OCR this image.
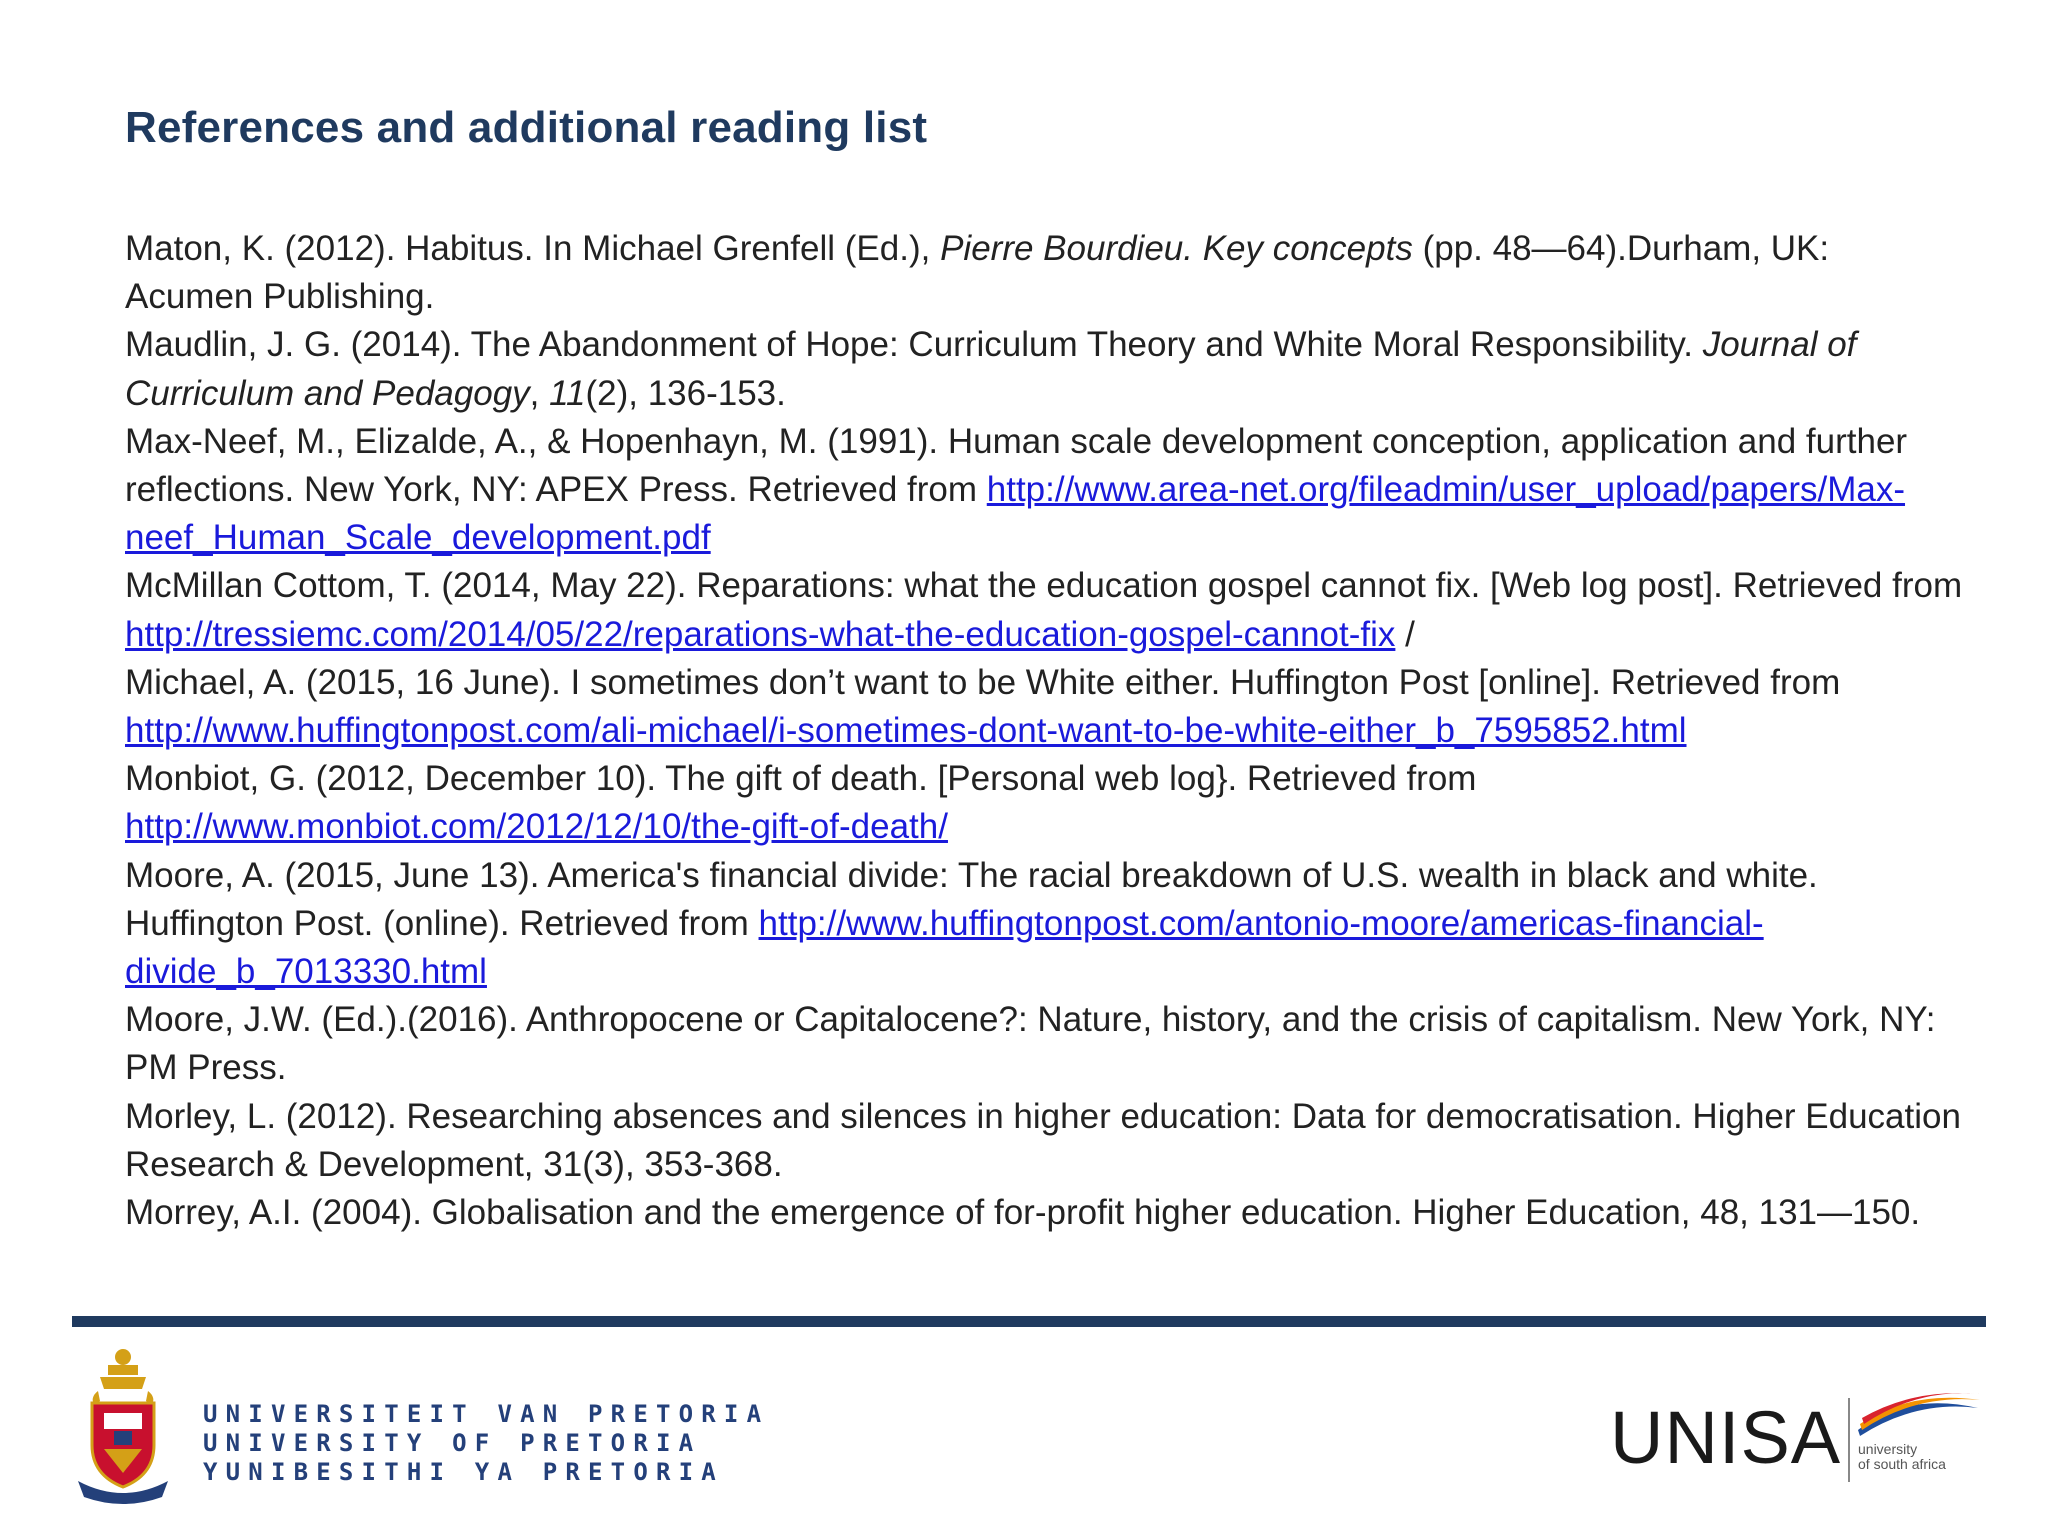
References and additional reading list

Maton, K. (2012). Habitus. In Michael Grenfell (Ed.), Pierre Bourdieu. Key concepts (pp. 48—64).Durham, UK: Acumen Publishing.

Maudlin, J. G. (2014). The Abandonment of Hope: Curriculum Theory and White Moral Responsibility. Journal of Curriculum and Pedagogy, 11(2), 136-153.

Max-Neef, M., Elizalde, A., & Hopenhayn, M. (1991). Human scale development conception, application and further reflections. New York, NY: APEX Press. Retrieved from http://www.area-net.org/fileadmin/user_upload/papers/Max-neef_Human_Scale_development.pdf

McMillan Cottom, T. (2014, May 22). Reparations: what the education gospel cannot fix. [Web log post]. Retrieved from http://tressiemc.com/2014/05/22/reparations-what-the-education-gospel-cannot-fix /

Michael, A. (2015, 16 June). I sometimes don’t want to be White either. Huffington Post [online]. Retrieved from http://www.huffingtonpost.com/ali-michael/i-sometimes-dont-want-to-be-white-either_b_7595852.html

Monbiot, G. (2012, December 10). The gift of death. [Personal web log}. Retrieved from http://www.monbiot.com/2012/12/10/the-gift-of-death/

Moore, A. (2015, June 13). America's financial divide: The racial breakdown of U.S. wealth in black and white. Huffington Post. (online). Retrieved from http://www.huffingtonpost.com/antonio-moore/americas-financial-divide_b_7013330.html

Moore, J.W. (Ed.).(2016). Anthropocene or Capitalocene?: Nature, history, and the crisis of capitalism. New York, NY: PM Press.

Morley, L. (2012). Researching absences and silences in higher education: Data for democratisation. Higher Education Research & Development, 31(3), 353-368.

Morrey, A.I. (2004). Globalisation and the emergence of for-profit higher education. Higher Education, 48, 131—150.

UNIVERSITEIT VAN PRETORIA
UNIVERSITY OF PRETORIA
YUNIBESITHI YA PRETORIA	UNISA university
of south africa
